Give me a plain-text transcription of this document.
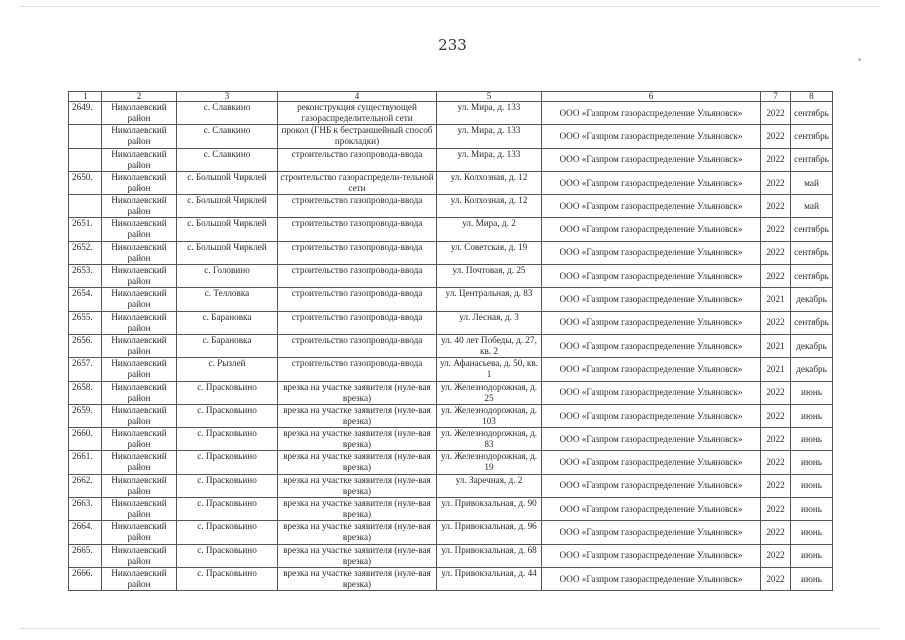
233
1	2	3	4	5	6	7	8
2649.	Николаевский район	с. Славкино	реконструкция существующей газораспределительной сети	ул. Мира, д. 133	ООО «Газпром газораспределение Ульяновск»	2022	сентябрь
	Николаевский район	с. Славкино	прокол (ГНБ к бестраншейный способ прокладки)	ул. Мира, д. 133	ООО «Газпром газораспределение Ульяновск»	2022	сентябрь
	Николаевский район	с. Славкино	строительство газопровода-ввода	ул. Мира, д. 133	ООО «Газпром газораспределение Ульяновск»	2022	сентябрь
2650.	Николаевский район	с. Большой Чирклей	строительство газораспредели-тельной сети	ул. Колхозная, д. 12	ООО «Газпром газораспределение Ульяновск»	2022	май
	Николаевский район	с. Большой Чирклей	строительство газопровода-ввода	ул. Колхозная, д. 12	ООО «Газпром газораспределение Ульяновск»	2022	май
2651.	Николаевский район	с. Большой Чирклей	строительство газопровода-ввода	ул. Мира, д. 2	ООО «Газпром газораспределение Ульяновск»	2022	сентябрь
2652.	Николаевский район	с. Большой Чирклей	строительство газопровода-ввода	ул. Советская, д. 19	ООО «Газпром газораспределение Ульяновск»	2022	сентябрь
2653.	Николаевский район	с. Головино	строительство газопровода-ввода	ул. Почтовая, д. 25	ООО «Газпром газораспределение Ульяновск»	2022	сентябрь
2654.	Николаевский район	с. Телловка	строительство газопровода-ввода	ул. Центральная, д. 83	ООО «Газпром газораспределение Ульяновск»	2021	декабрь
2655.	Николаевский район	с. Барановка	строительство газопровода-ввода	ул. Лесная, д. 3	ООО «Газпром газораспределение Ульяновск»	2022	сентябрь
2656.	Николаевский район	с. Барановка	строительство газопровода-ввода	ул. 40 лет Победы, д. 27, кв. 2	ООО «Газпром газораспределение Ульяновск»	2021	декабрь
2657.	Николаевский район	с. Рызлей	строительство газопровода-ввода	ул. Афанасьева, д. 50, кв. 1	ООО «Газпром газораспределение Ульяновск»	2021	декабрь
2658.	Николаевский район	с. Прасковьино	врезка на участке заявителя (нуле-вая врезка)	ул. Железнодорожная, д. 25	ООО «Газпром газораспределение Ульяновск»	2022	июнь
2659.	Николаевский район	с. Прасковьино	врезка на участке заявителя (нуле-вая врезка)	ул. Железнодорожная, д. 103	ООО «Газпром газораспределение Ульяновск»	2022	июнь
2660.	Николаевский район	с. Прасковьино	врезка на участке заявителя (нуле-вая врезка)	ул. Железнодорожная, д. 83	ООО «Газпром газораспределение Ульяновск»	2022	июнь
2661.	Николаевский район	с. Прасковьино	врезка на участке заявителя (нуле-вая врезка)	ул. Железнодорожная, д. 19	ООО «Газпром газораспределение Ульяновск»	2022	июнь
2662.	Николаевский район	с. Прасковьино	врезка на участке заявителя (нуле-вая врезка)	ул. Заречная, д. 2	ООО «Газпром газораспределение Ульяновск»	2022	июнь
2663.	Николаевский район	с. Прасковьино	врезка на участке заявителя (нуле-вая врезка)	ул. Привокзальная, д. 90	ООО «Газпром газораспределение Ульяновск»	2022	июнь
2664.	Николаевский район	с. Прасковьино	врезка на участке заявителя (нуле-вая врезка)	ул. Привокзальная, д. 96	ООО «Газпром газораспределение Ульяновск»	2022	июнь
2665.	Николаевский район	с. Прасковьино	врезка на участке заявителя (нуле-вая врезка)	ул. Привокзальная, д. 68	ООО «Газпром газораспределение Ульяновск»	2022	июнь
2666.	Николаевский район	с. Прасковьино	врезка на участке заявителя (нуле-вая врезка)	ул. Привокзальная, д. 44	ООО «Газпром газораспределение Ульяновск»	2022	июнь
